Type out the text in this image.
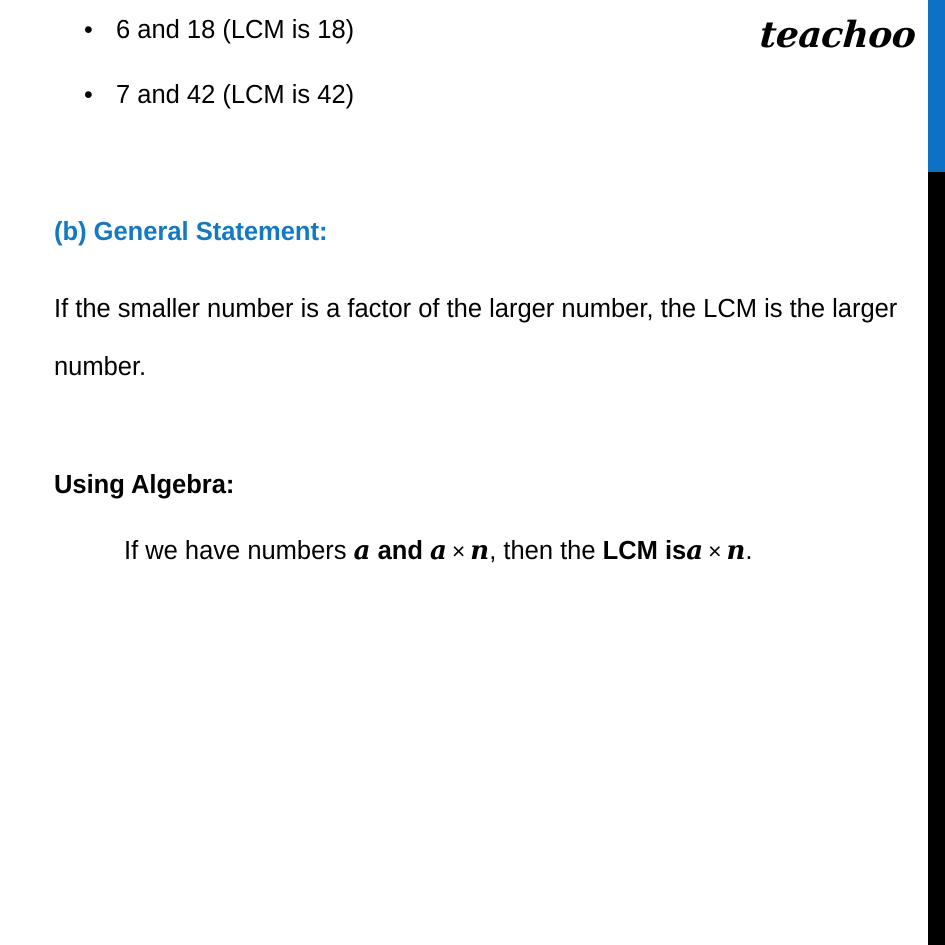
teachoo
• 6 and 18 (LCM is 18)
• 7 and 42 (LCM is 42)
(b) General Statement:
If the smaller number is a factor of the larger number, the LCM is the larger number.
Using Algebra:
If we have numbers a and a × n, then the LCM isa × n.
